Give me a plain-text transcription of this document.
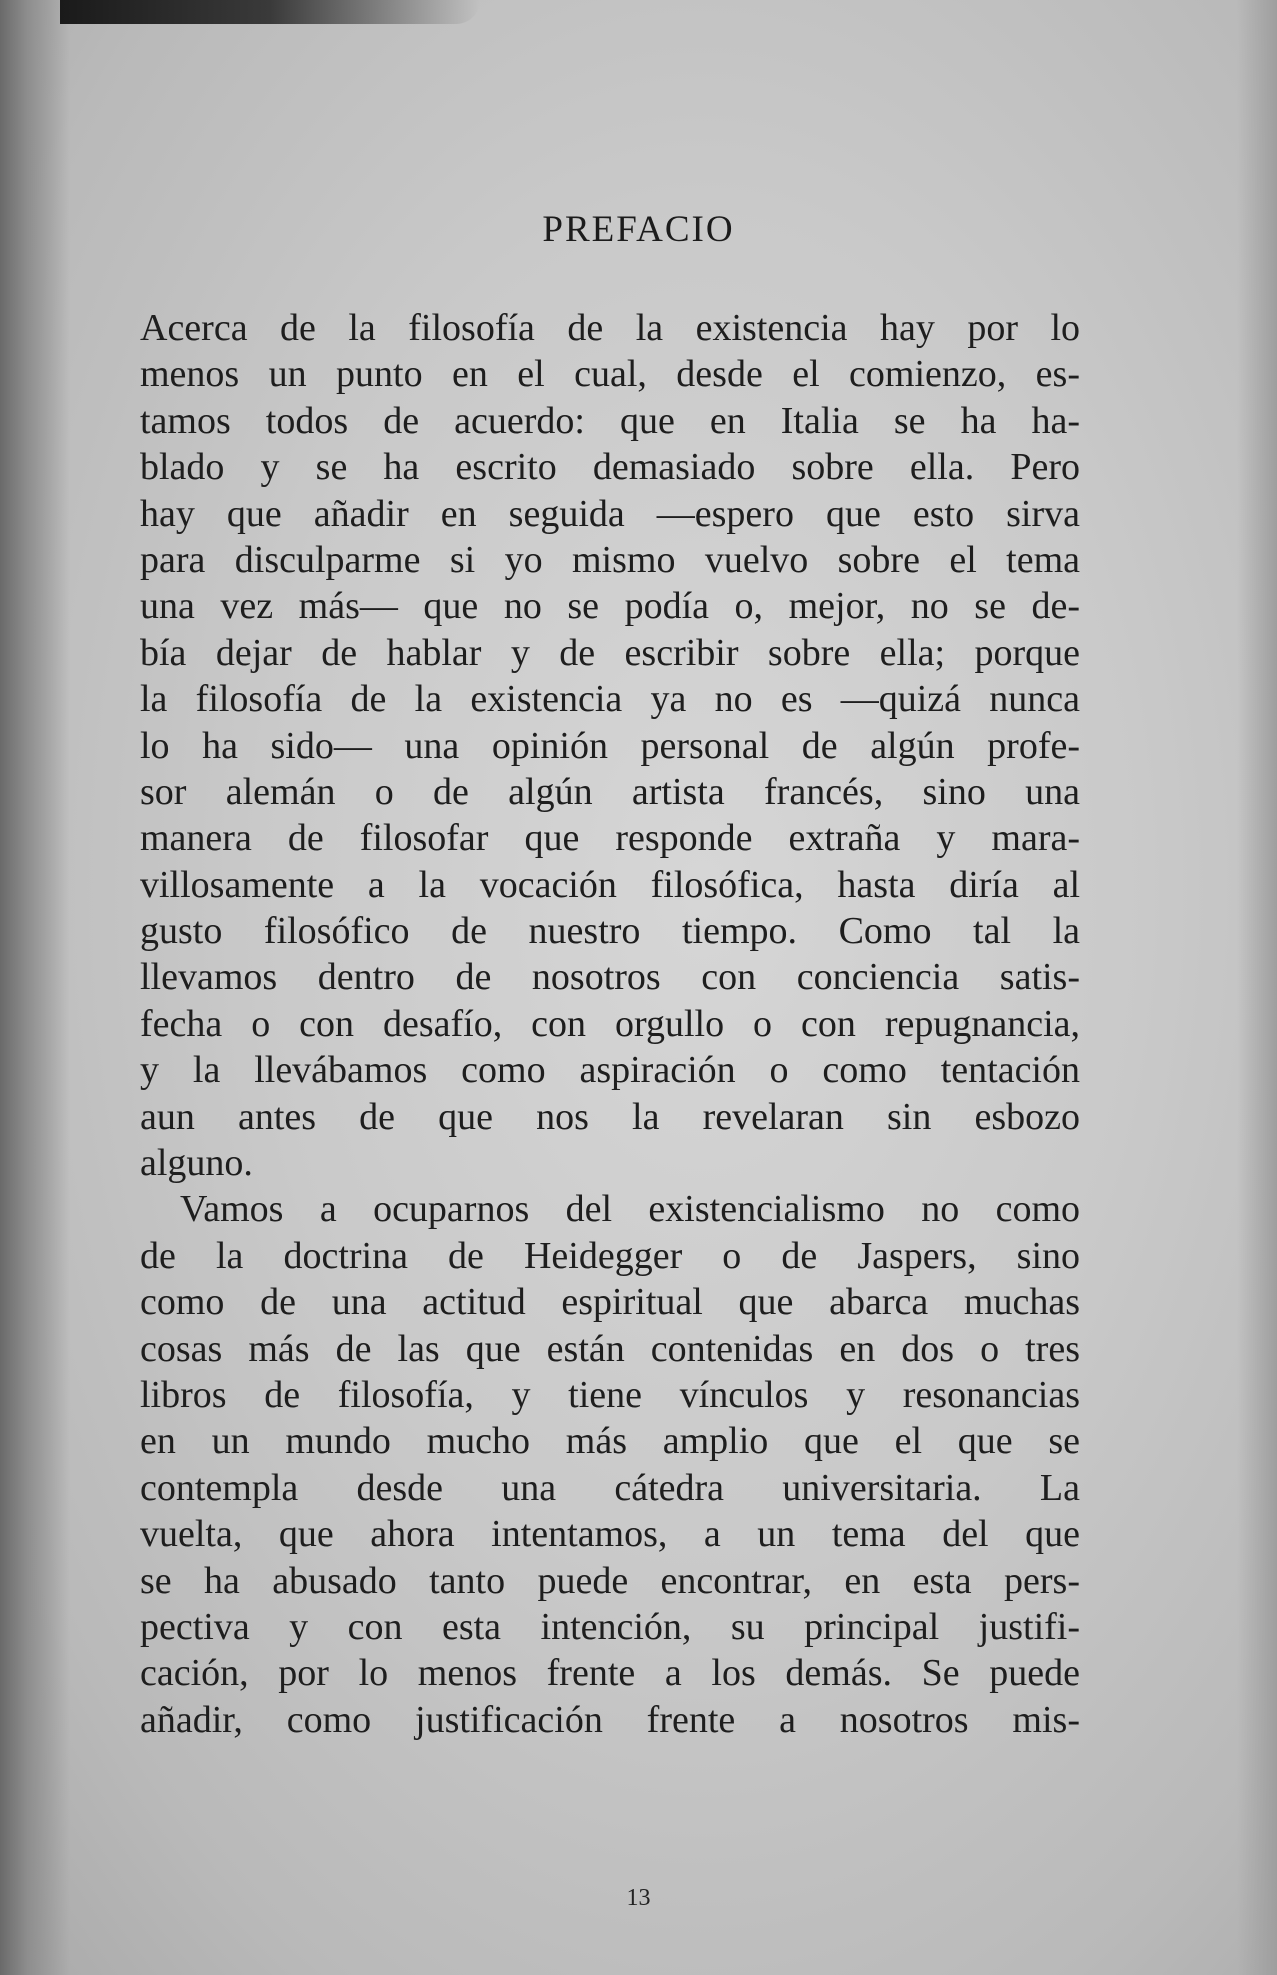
PREFACIO
Acerca de la filosofía de la existencia hay por lo
menos un punto en el cual, desde el comienzo, es-
tamos todos de acuerdo: que en Italia se ha ha-
blado y se ha escrito demasiado sobre ella. Pero
hay que añadir en seguida —espero que esto sirva
para disculparme si yo mismo vuelvo sobre el tema
una vez más— que no se podía o, mejor, no se de-
bía dejar de hablar y de escribir sobre ella; porque
la filosofía de la existencia ya no es —quizá nunca
lo ha sido— una opinión personal de algún profe-
sor alemán o de algún artista francés, sino una
manera de filosofar que responde extraña y mara-
villosamente a la vocación filosófica, hasta diría al
gusto filosófico de nuestro tiempo. Como tal la
llevamos dentro de nosotros con conciencia satis-
fecha o con desafío, con orgullo o con repugnancia,
y la llevábamos como aspiración o como tentación
aun antes de que nos la revelaran sin esbozo
alguno.
Vamos a ocuparnos del existencialismo no como
de la doctrina de Heidegger o de Jaspers, sino
como de una actitud espiritual que abarca muchas
cosas más de las que están contenidas en dos o tres
libros de filosofía, y tiene vínculos y resonancias
en un mundo mucho más amplio que el que se
contempla desde una cátedra universitaria. La
vuelta, que ahora intentamos, a un tema del que
se ha abusado tanto puede encontrar, en esta pers-
pectiva y con esta intención, su principal justifi-
cación, por lo menos frente a los demás. Se puede
añadir, como justificación frente a nosotros mis-
13
